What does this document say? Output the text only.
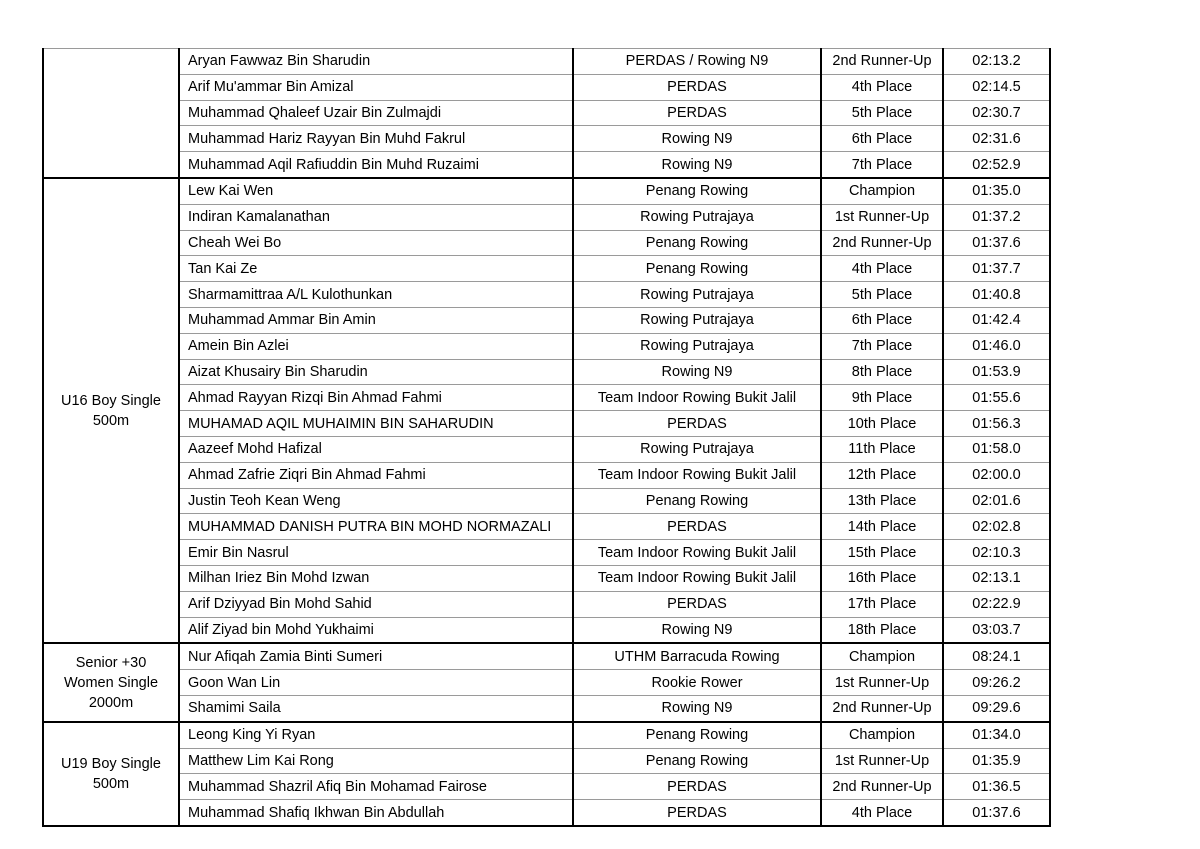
	Aryan Fawwaz Bin Sharudin	PERDAS / Rowing N9	2nd Runner-Up	02:13.2
	Arif Mu'ammar Bin Amizal	PERDAS	4th Place	02:14.5
	Muhammad Qhaleef Uzair Bin Zulmajdi	PERDAS	5th Place	02:30.7
	Muhammad Hariz Rayyan Bin Muhd Fakrul	Rowing N9	6th Place	02:31.6
	Muhammad Aqil Rafiuddin Bin Muhd Ruzaimi	Rowing N9	7th Place	02:52.9

U16 Boy Single 500m	Lew Kai Wen	Penang Rowing	Champion	01:35.0
	Indiran Kamalanathan	Rowing Putrajaya	1st Runner-Up	01:37.2
	Cheah Wei Bo	Penang Rowing	2nd Runner-Up	01:37.6
	Tan Kai Ze	Penang Rowing	4th Place	01:37.7
	Sharmamittraa A/L Kulothunkan	Rowing Putrajaya	5th Place	01:40.8
	Muhammad Ammar Bin Amin	Rowing Putrajaya	6th Place	01:42.4
	Amein Bin Azlei	Rowing Putrajaya	7th Place	01:46.0
	Aizat Khusairy Bin Sharudin	Rowing N9	8th Place	01:53.9
	Ahmad Rayyan Rizqi Bin Ahmad Fahmi	Team Indoor Rowing Bukit Jalil	9th Place	01:55.6
	MUHAMAD AQIL MUHAIMIN BIN SAHARUDIN	PERDAS	10th Place	01:56.3
	Aazeef Mohd Hafizal	Rowing Putrajaya	11th Place	01:58.0
	Ahmad Zafrie Ziqri Bin Ahmad Fahmi	Team Indoor Rowing Bukit Jalil	12th Place	02:00.0
	Justin Teoh Kean Weng	Penang Rowing	13th Place	02:01.6
	MUHAMMAD DANISH PUTRA BIN MOHD NORMAZALI	PERDAS	14th Place	02:02.8
	Emir Bin Nasrul	Team Indoor Rowing Bukit Jalil	15th Place	02:10.3
	Milhan Iriez Bin Mohd Izwan	Team Indoor Rowing Bukit Jalil	16th Place	02:13.1
	Arif Dziyyad Bin Mohd Sahid	PERDAS	17th Place	02:22.9
	Alif Ziyad bin Mohd Yukhaimi	Rowing N9	18th Place	03:03.7

Senior +30 Women Single 2000m	Nur Afiqah Zamia Binti Sumeri	UTHM Barracuda Rowing	Champion	08:24.1
	Goon Wan Lin	Rookie Rower	1st Runner-Up	09:26.2
	Shamimi Saila	Rowing N9	2nd Runner-Up	09:29.6

U19 Boy Single 500m	Leong King Yi Ryan	Penang Rowing	Champion	01:34.0
	Matthew Lim Kai Rong	Penang Rowing	1st Runner-Up	01:35.9
	Muhammad Shazril Afiq Bin Mohamad Fairose	PERDAS	2nd Runner-Up	01:36.5
	Muhammad Shafiq Ikhwan Bin Abdullah	PERDAS	4th Place	01:37.6
